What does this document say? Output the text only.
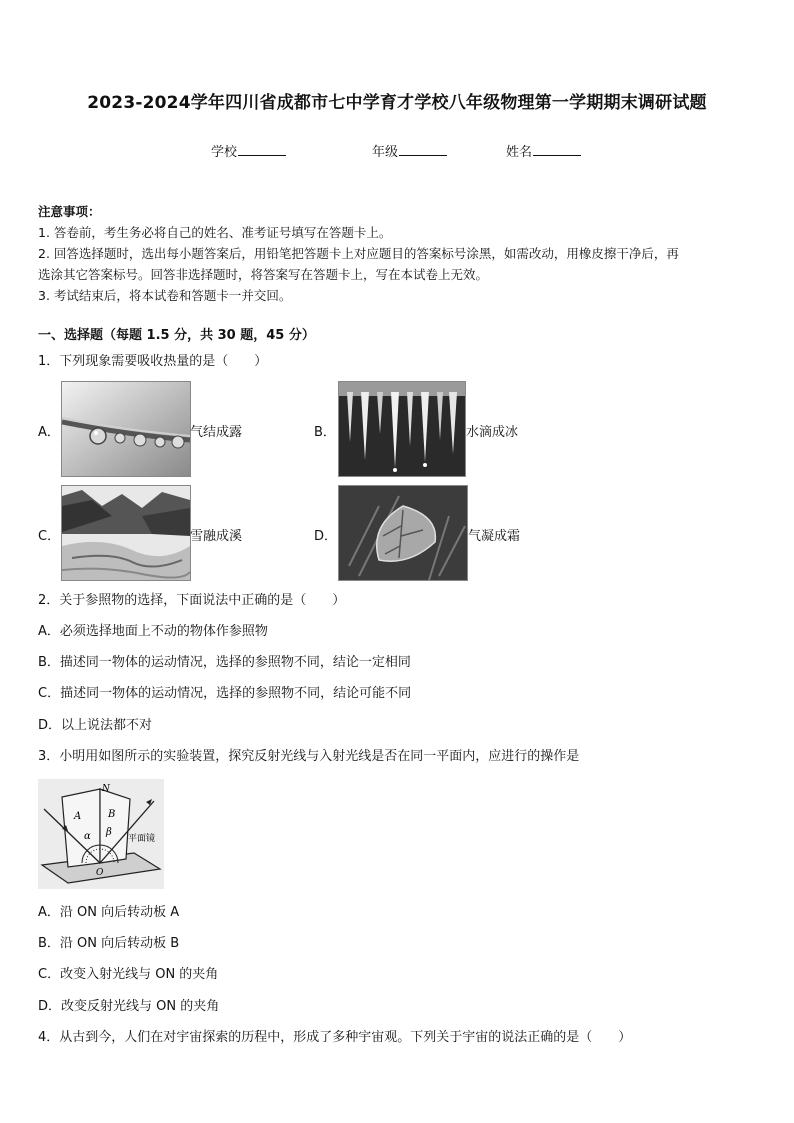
2023-2024学年四川省成都市七中学育才学校八年级物理第一学期期末调研试题
学校	年级	姓名
注意事项：
1. 答卷前，考生务必将自己的姓名、准考证号填写在答题卡上。
2. 回答选择题时，选出每小题答案后，用铅笔把答题卡上对应题目的答案标号涂黑，如需改动，用橡皮擦干净后，再
选涂其它答案标号。回答非选择题时，将答案写在答题卡上，写在本试卷上无效。
3. 考试结束后，将本试卷和答题卡一并交回。
一、选择题（每题 1.5 分，共 30 题，45 分）
1．下列现象需要吸收热量的是（　　）
A．	气结成露	B．	水滴成冰
C．	雪融成溪	D．	气凝成霜
2．关于参照物的选择，下面说法中正确的是（　　）
A．必须选择地面上不动的物体作参照物
B．描述同一物体的运动情况，选择的参照物不同，结论一定相同
C．描述同一物体的运动情况，选择的参照物不同，结论可能不同
D．以上说法都不对
3．小明用如图所示的实验装置，探究反射光线与入射光线是否在同一平面内，应进行的操作是
N
A	B
α β
O
平面镜
A．沿 ON 向后转动板 A
B．沿 ON 向后转动板 B
C．改变入射光线与 ON 的夹角
D．改变反射光线与 ON 的夹角
4．从古到今，人们在对宇宙探索的历程中，形成了多种宇宙观。下列关于宇宙的说法正确的是（　　）
